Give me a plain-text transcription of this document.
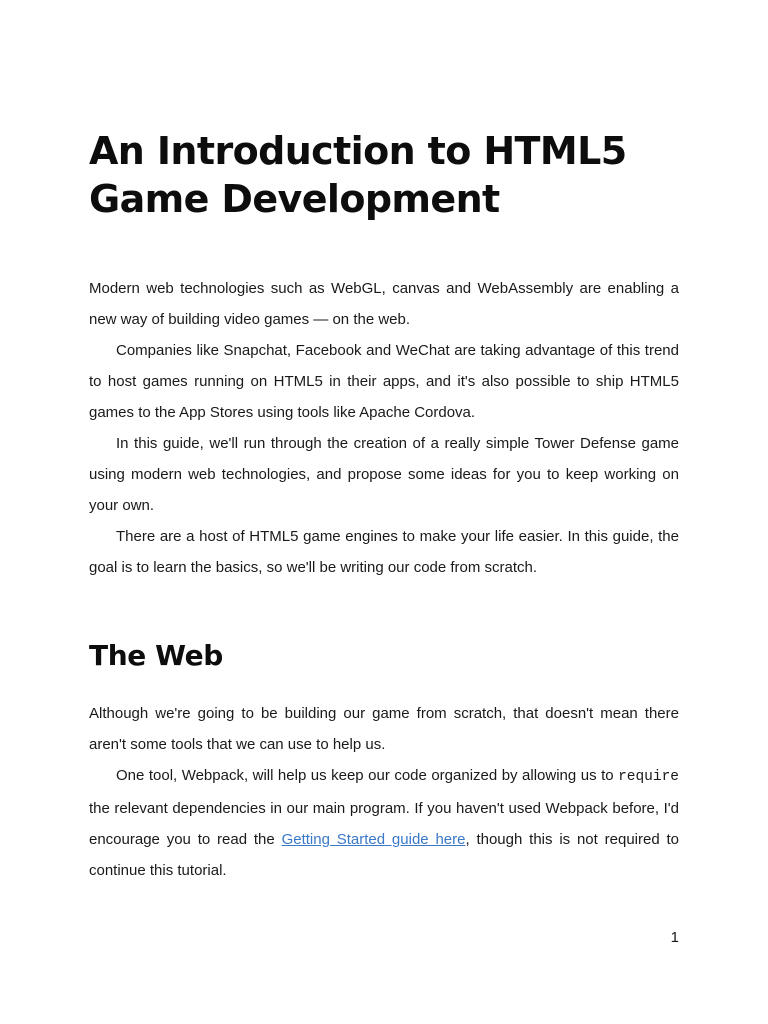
An Introduction to HTML5
Game Development

Modern web technologies such as WebGL, canvas and WebAssembly are enabling a new way of building video games — on the web.

Companies like Snapchat, Facebook and WeChat are taking advantage of this trend to host games running on HTML5 in their apps, and it's also possible to ship HTML5 games to the App Stores using tools like Apache Cordova.

In this guide, we'll run through the creation of a really simple Tower Defense game using modern web technologies, and propose some ideas for you to keep working on your own.

There are a host of HTML5 game engines to make your life easier. In this guide, the goal is to learn the basics, so we'll be writing our code from scratch.

The Web

Although we're going to be building our game from scratch, that doesn't mean there aren't some tools that we can use to help us.

One tool, Webpack, will help us keep our code organized by allowing us to require the relevant dependencies in our main program. If you haven't used Webpack before, I'd encourage you to read the Getting Started guide here, though this is not required to continue this tutorial.

1
